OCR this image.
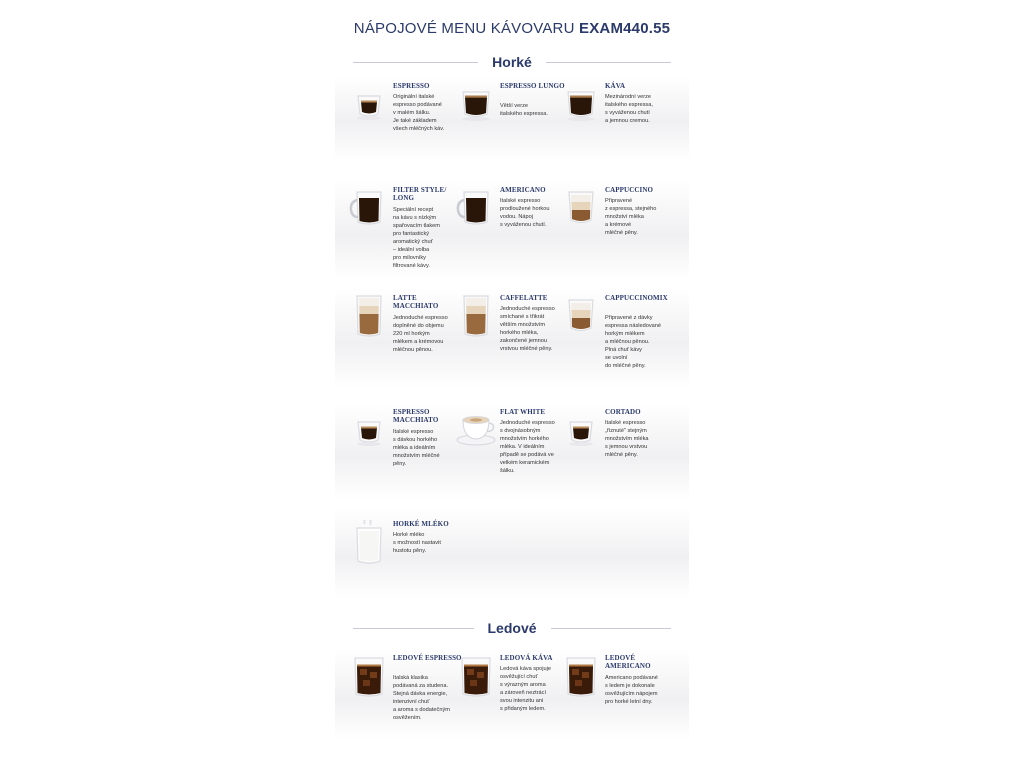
NÁPOJOVÉ MENU KÁVOVARU EXAM440.55
Horké
Ledové
ESPRESSO
Originální italské
espresso podávané
v malém šálku.
Je také základem
všech mléčných káv.
ESPRESSO LUNGO
Větší verze
italského espressa.
KÁVA
Mezinárodní verze
italského espressa,
s vyváženou chutí
a jemnou cremou.
FILTER STYLE/ LONG
Speciální recept
na kávu s nízkým
spařovacím tlakem
pro fantastický
aromatický chuť
– ideální volba
pro milovníky
filtrované kávy.
AMERICANO
Italské espresso
prodloužené horkou
vodou. Nápoj
s vyváženou chutí.
CAPPUCCINO
Připravené
z espressa, stejného
množství mléka
a krémové
mléčné pěny.
LATTE MACCHIATO
Jednoduché espresso
doplněné do objemu
220 ml horkým
mlékem a krémovou
mléčnou pěnou.
CAFFELATTE
Jednoduché espresso
smíchané s třikrát
větším množstvím
horkého mléka,
zakončené jemnou
vrstvou mléčné pěny.
CAPPUCCINOMIX
Připravené z dávky
espressa následované
horkým mlékem
a mléčnou pěnou.
Plná chuť kávy
se uvolní
do mléčné pěny.
ESPRESSO MACCHIATO
Italské espresso
s dávkou horkého
mléka a ideálním
množstvím mléčné
pěny.
FLAT WHITE
Jednoduché espresso
s dvojnásobným
množstvím horkého
mléka. V ideálním
případě se podává ve
velkém keramickém
šálku.
CORTADO
Italské espresso
„říznuté" stejným
množstvím mléka
s jemnou vrstvou
mléčné pěny.
HORKÉ MLÉKO
Horké mléko
s možností nastavit
hustotu pěny.
LEDOVÉ ESPRESSO
Italská klasika
podávaná za studena.
Stejná dávka energie,
intenzivní chuť
a aroma s dodatečným
osvěžením.
LEDOVÁ KÁVA
Ledová káva spojuje
osvěžující chuť
s výrazným aroma
a zároveň neztrácí
svou intenzitu ani
s přidaným ledem.
LEDOVÉ AMERICANO
Americano podávané
s ledem je dokonale
osvěžujícím nápojem
pro horké letní dny.
